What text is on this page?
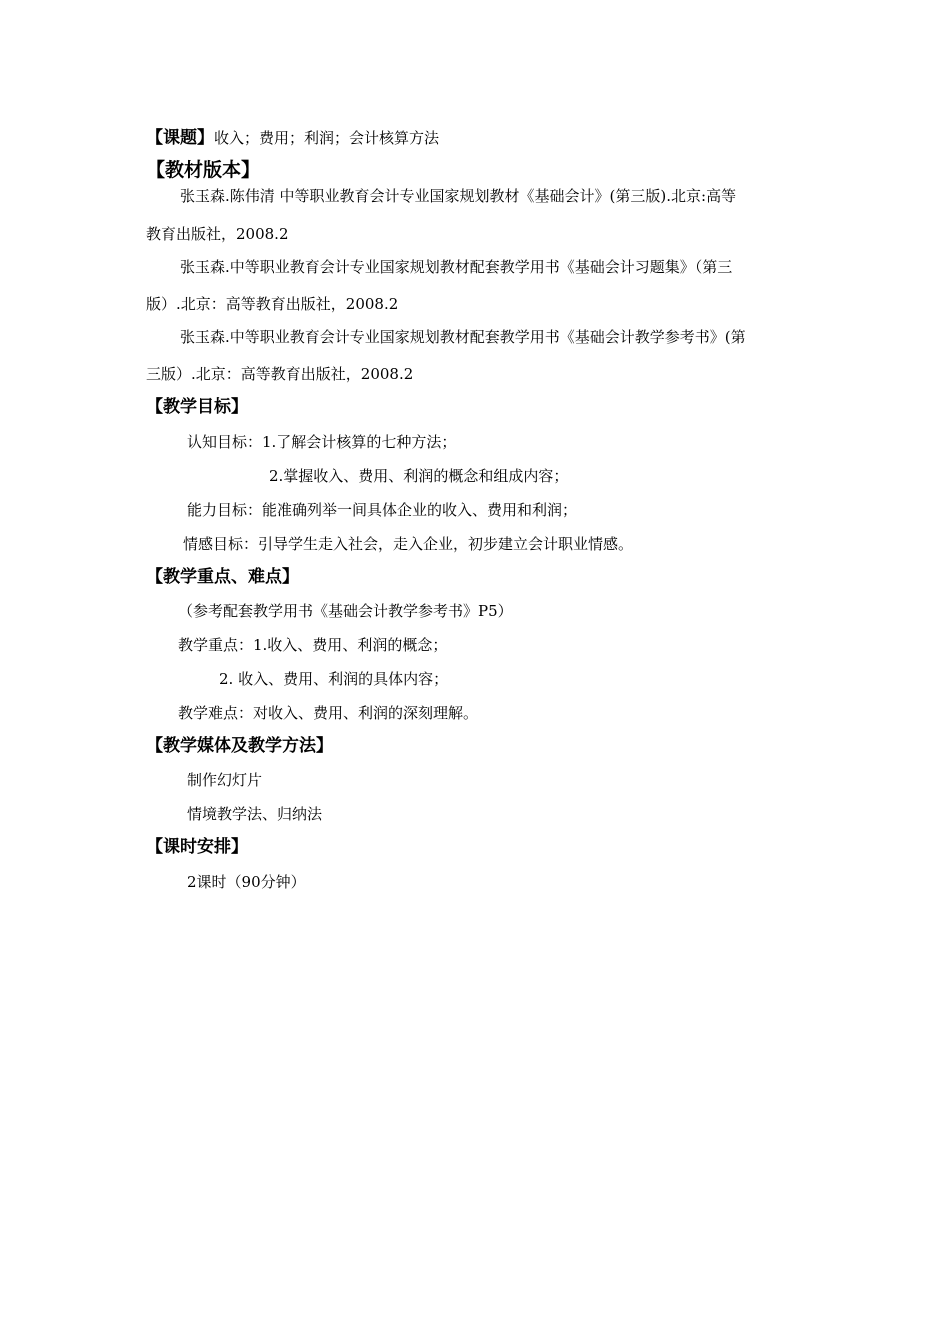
【课题】收入；费用；利润；会计核算方法
【教材版本】
张玉森.陈伟清 中等职业教育会计专业国家规划教材《基础会计》(第三版).北京:高等
教育出版社，2008.2
张玉森.中等职业教育会计专业国家规划教材配套教学用书《基础会计习题集》（第三
版）.北京：高等教育出版社，2008.2
张玉森.中等职业教育会计专业国家规划教材配套教学用书《基础会计教学参考书》(第
三版）.北京：高等教育出版社，2008.2
【教学目标】
认知目标：1.了解会计核算的七种方法；
2.掌握收入、费用、利润的概念和组成内容；
能力目标：能准确列举一间具体企业的收入、费用和利润；
情感目标：引导学生走入社会，走入企业，初步建立会计职业情感。
【教学重点、难点】
（参考配套教学用书《基础会计教学参考书》P5）
教学重点：1.收入、费用、利润的概念；
2. 收入、费用、利润的具体内容；
教学难点：对收入、费用、利润的深刻理解。
【教学媒体及教学方法】
制作幻灯片
情境教学法、归纳法
【课时安排】
2课时（90分钟）
